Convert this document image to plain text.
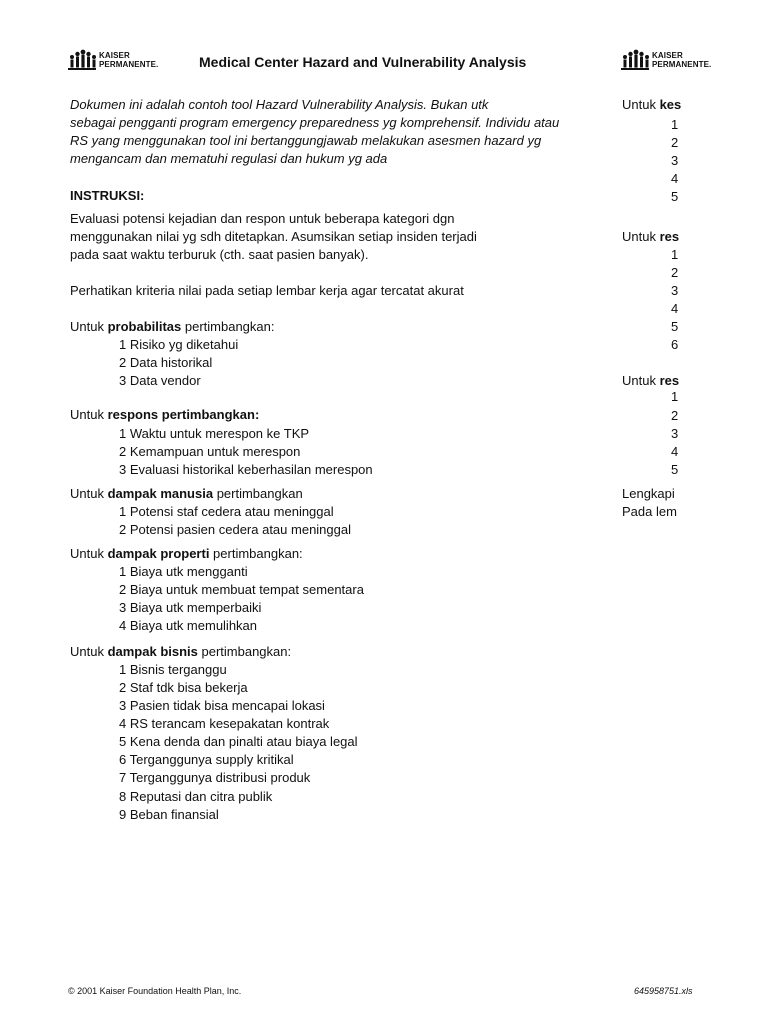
KAISER
PERMANENTE.	Medical Center Hazard and Vulnerability Analysis	KAISER
PERMANENTE.
Dokumen ini adalah contoh tool Hazard Vulnerability Analysis. Bukan utk
sebagai pengganti program emergency preparedness yg komprehensif. Individu atau
RS yang menggunakan tool ini bertanggungjawab melakukan asesmen hazard yg
mengancam dan mematuhi regulasi dan hukum yg ada
INSTRUKSI:
Evaluasi potensi kejadian dan respon untuk beberapa kategori dgn
menggunakan nilai yg sdh ditetapkan. Asumsikan setiap insiden terjadi
pada saat waktu terburuk (cth. saat pasien banyak).
Perhatikan kriteria nilai pada setiap lembar kerja agar tercatat akurat
Untuk probabilitas pertimbangkan:
1 Risiko yg diketahui
2 Data historikal
3 Data vendor
Untuk respons pertimbangkan:
1 Waktu untuk merespon ke TKP
2 Kemampuan untuk merespon
3 Evaluasi historikal keberhasilan merespon
Untuk dampak manusia pertimbangkan
1 Potensi staf cedera atau meninggal
2 Potensi pasien cedera atau meninggal
Untuk dampak properti pertimbangkan:
1 Biaya utk mengganti
2 Biaya untuk membuat tempat sementara
3 Biaya utk memperbaiki
4 Biaya utk memulihkan
Untuk dampak bisnis pertimbangkan:
1 Bisnis terganggu
2 Staf tdk bisa bekerja
3 Pasien tidak bisa mencapai lokasi
4 RS terancam kesepakatan kontrak
5 Kena denda dan pinalti atau biaya legal
6 Terganggunya supply kritikal
7 Terganggunya distribusi produk
8 Reputasi dan citra publik
9 Beban finansial
Untuk kes
1
2
3
4
5
Untuk res
1
2
3
4
5
6
Untuk res
1
2
3
4
5
Lengkapi
Pada lem
© 2001 Kaiser Foundation Health Plan, Inc.	645958751.xls
